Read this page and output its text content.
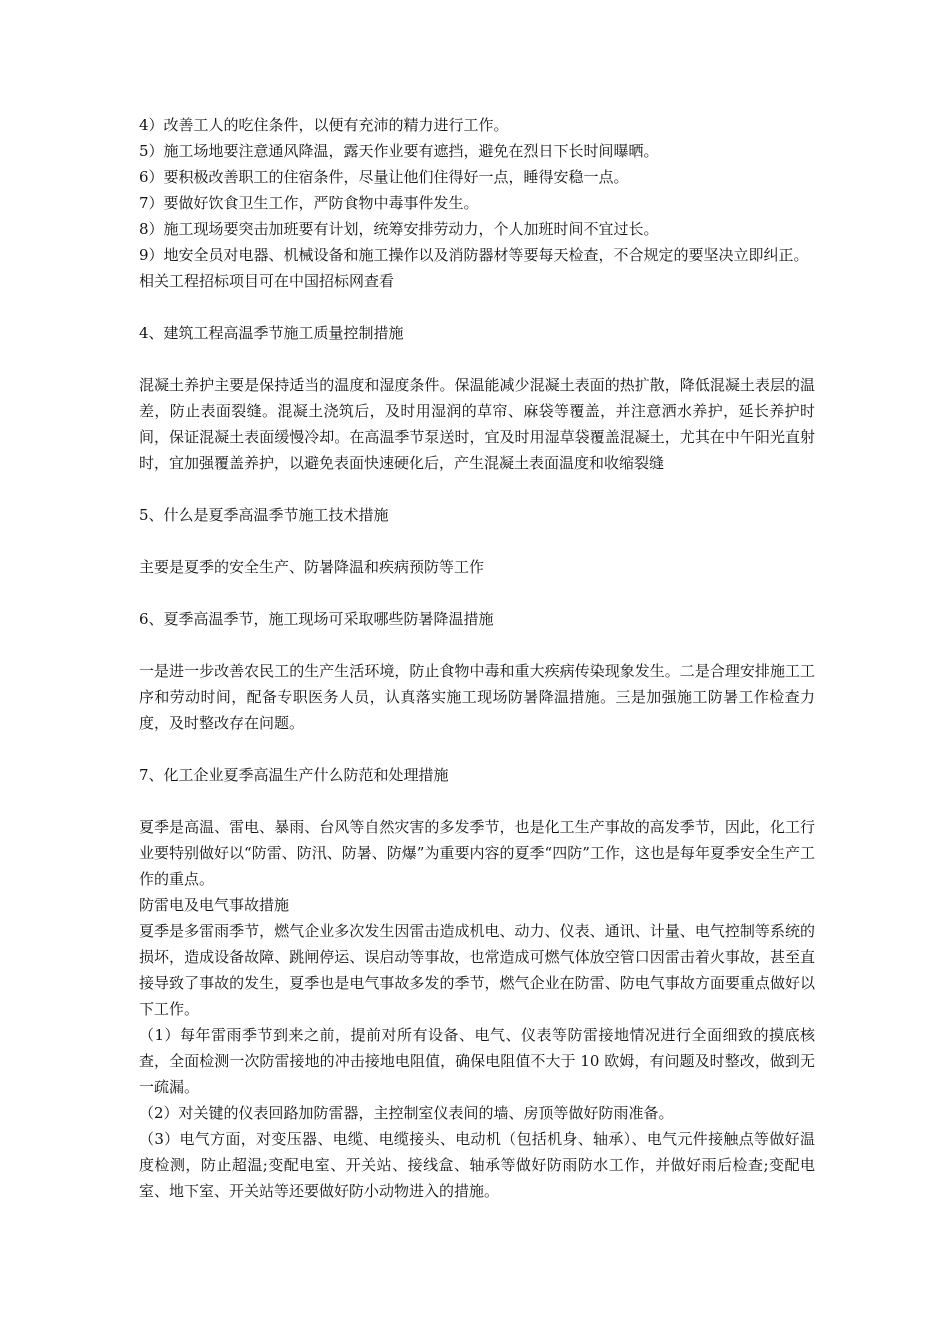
4）改善工人的吃住条件，以便有充沛的精力进行工作。

5）施工场地要注意通风降温，露天作业要有遮挡，避免在烈日下长时间曝晒。

6）要积极改善职工的住宿条件，尽量让他们住得好一点，睡得安稳一点。

7）要做好饮食卫生工作，严防食物中毒事件发生。

8）施工现场要突击加班要有计划，统筹安排劳动力，个人加班时间不宜过长。

9）地安全员对电器、机械设备和施工操作以及消防器材等要每天检查，不合规定的要坚决立即纠正。

相关工程招标项目可在中国招标网查看

4、建筑工程高温季节施工质量控制措施

混凝土养护主要是保持适当的温度和湿度条件。保温能减少混凝土表面的热扩散，降低混凝土表层的温差，防止表面裂缝。混凝土浇筑后，及时用湿润的草帘、麻袋等覆盖，并注意洒水养护，延长养护时间，保证混凝土表面缓慢冷却。在高温季节泵送时，宜及时用湿草袋覆盖混凝土，尤其在中午阳光直射时，宜加强覆盖养护，以避免表面快速硬化后，产生混凝土表面温度和收缩裂缝

5、什么是夏季高温季节施工技术措施

主要是夏季的安全生产、防暑降温和疾病预防等工作

6、夏季高温季节，施工现场可采取哪些防暑降温措施

一是进一步改善农民工的生产生活环境，防止食物中毒和重大疾病传染现象发生。二是合理安排施工工序和劳动时间，配备专职医务人员，认真落实施工现场防暑降温措施。三是加强施工防暑工作检查力度，及时整改存在问题。

7、化工企业夏季高温生产什么防范和处理措施

夏季是高温、雷电、暴雨、台风等自然灾害的多发季节，也是化工生产事故的高发季节，因此，化工行业要特别做好以“防雷、防汛、防暑、防爆”为重要内容的夏季“四防”工作，这也是每年夏季安全生产工作的重点。

防雷电及电气事故措施

夏季是多雷雨季节，燃气企业多次发生因雷击造成机电、动力、仪表、通讯、计量、电气控制等系统的损坏，造成设备故障、跳闸停运、误启动等事故，也常造成可燃气体放空管口因雷击着火事故，甚至直接导致了事故的发生，夏季也是电气事故多发的季节，燃气企业在防雷、防电气事故方面要重点做好以下工作。

（1）每年雷雨季节到来之前，提前对所有设备、电气、仪表等防雷接地情况进行全面细致的摸底核查，全面检测一次防雷接地的冲击接地电阻值，确保电阻值不大于 10 欧姆，有问题及时整改，做到无一疏漏。

（2）对关键的仪表回路加防雷器，主控制室仪表间的墙、房顶等做好防雨准备。

（3）电气方面，对变压器、电缆、电缆接头、电动机（包括机身、轴承）、电气元件接触点等做好温度检测，防止超温;变配电室、开关站、接线盒、轴承等做好防雨防水工作，并做好雨后检查;变配电室、地下室、开关站等还要做好防小动物进入的措施。
